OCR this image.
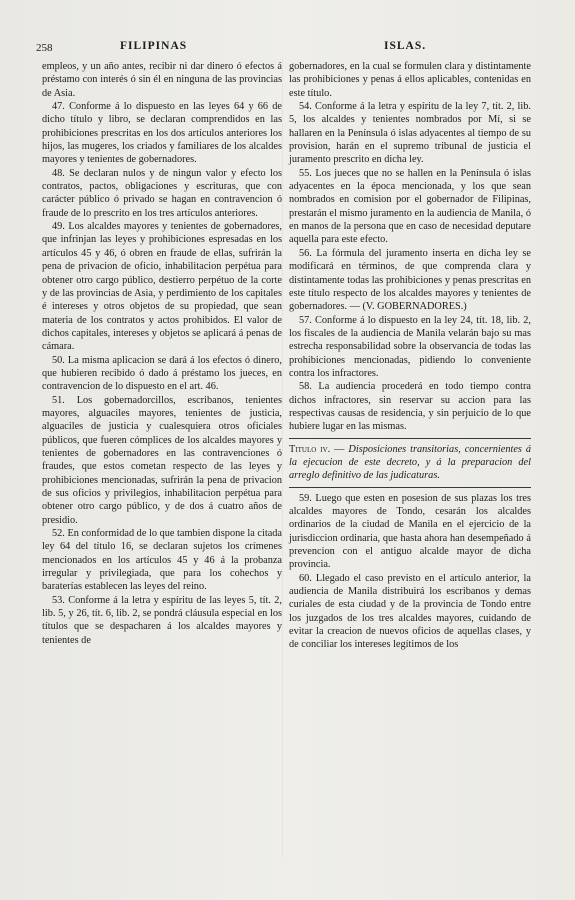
258	FILIPINAS	ISLAS.

empleos, y un año antes, recibir ni dar dinero ó efectos á préstamo con interés ó sin él en ninguna de las provincias de Asia.

47. Conforme á lo dispuesto en las leyes 64 y 66 de dicho título y libro, se declaran comprendidos en las prohibiciones prescritas en los dos artículos anteriores los hijos, las mugeres, los criados y familiares de los alcaldes mayores y tenientes de gobernadores.

48. Se declaran nulos y de ningun valor y efecto los contratos, pactos, obligaciones y escrituras, que con carácter público ó privado se hagan en contravencion ó fraude de lo prescrito en los tres artículos anteriores.

49. Los alcaldes mayores y tenientes de gobernadores, que infrinjan las leyes y prohibiciones espresadas en los artículos 45 y 46, ó obren en fraude de ellas, sufrirán la pena de privacion de oficio, inhabilitacion perpétua para obtener otro cargo público, destierro perpétuo de la corte y de las provincias de Asia, y perdimiento de los capitales é intereses y otros objetos de su propiedad, que sean materia de los contratos y actos prohibidos. El valor de dichos capitales, intereses y objetos se aplicará á penas de cámara.

50. La misma aplicacion se dará á los efectos ó dinero, que hubieren recibido ó dado á préstamo los jueces, en contravencion de lo dispuesto en el art. 46.

51. Los gobernadorcillos, escribanos, tenientes mayores, alguaciles mayores, tenientes de justicia, alguaciles de justicia y cualesquiera otros oficiales públicos, que fueren cómplices de los alcaldes mayores y tenientes de gobernadores en las contravenciones ó fraudes, que estos cometan respecto de las leyes y prohibiciones mencionadas, sufrirán la pena de privacion de sus oficios y privilegios, inhabilitacion perpétua para obtener otro cargo público, y de dos á cuatro años de presidio.

52. En conformidad de lo que tambien dispone la citada ley 64 del título 16, se declaran sujetos los crímenes mencionados en los artículos 45 y 46 á la probanza irregular y privilegiada, que para los cohechos y baraterías establecen las leyes del reino.

53. Conforme á la letra y espíritu de las leyes 5, tít. 2, lib. 5, y 26, tít. 6, lib. 2, se pondrá cláusula especial en los títulos que se despacharen á los alcaldes mayores y tenientes de

gobernadores, en la cual se formulen clara y distintamente las prohibiciones y penas á ellos aplicables, contenidas en este título.

54. Conforme á la letra y espíritu de la ley 7, tít. 2, lib. 5, los alcaldes y tenientes nombrados por Mí, si se hallaren en la Península ó islas adyacentes al tiempo de su provision, harán en el supremo tribunal de justicia el juramento prescrito en dicha ley.

55. Los jueces que no se hallen en la Península ó islas adyacentes en la época mencionada, y los que sean nombrados en comision por el gobernador de Filipinas, prestarán el mismo juramento en la audiencia de Manila, ó en manos de la persona que en caso de necesidad deputare aquella para este efecto.

56. La fórmula del juramento inserta en dicha ley se modificará en términos, de que comprenda clara y distintamente todas las prohibiciones y penas prescritas en este título respecto de los alcaldes mayores y tenientes de gobernadores. — (V. GOBERNADORES.)

57. Conforme á lo dispuesto en la ley 24, tít. 18, lib. 2, los fiscales de la audiencia de Manila velarán bajo su mas estrecha responsabilidad sobre la observancia de todas las prohibiciones mencionadas, pidiendo lo conveniente contra los infractores.

58. La audiencia procederá en todo tiempo contra dichos infractores, sin reservar su accion para las respectivas causas de residencia, y sin perjuicio de lo que hubiere lugar en las mismas.

Titulo iv. — Disposiciones transitorias, concernientes á la ejecucion de este decreto, y á la preparacion del arreglo definitivo de las judicaturas.

59. Luego que esten en posesion de sus plazas los tres alcaldes mayores de Tondo, cesarán los alcaldes ordinarios de la ciudad de Manila en el ejercicio de la jurisdiccion ordinaria, que hasta ahora han desempeñado á prevencion con el antiguo alcalde mayor de dicha provincia.

60. Llegado el caso previsto en el artículo anterior, la audiencia de Manila distribuirá los escribanos y demas curiales de esta ciudad y de la provincia de Tondo entre los juzgados de los tres alcaldes mayores, cuidando de evitar la creacion de nuevos oficios de aquellas clases, y de conciliar los intereses legítimos de los
